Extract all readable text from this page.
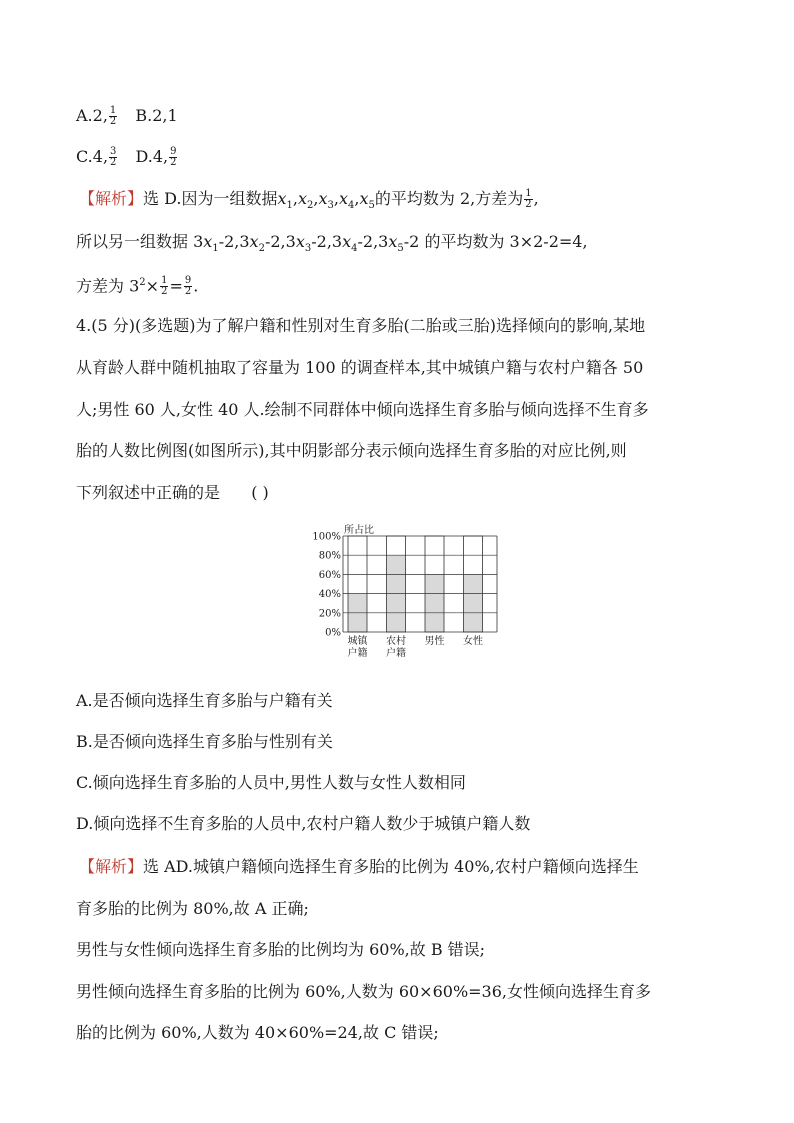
A.2, $\frac{1}{2} B.2,1$
C.4, $\frac{3}{2} D.4$, $\frac{9}{2}$
【解析】选 D.因为一组数据$x_1,x_2,x_3,x_4,x_5$的平均数为 2,方差为 $\frac{1}{2}$ ,
所以另一组数据 $3x_1-2,3x_2-2,3x_3-2,3x_4-2,3x_5-2$ 的平均数为 3×2-2=4,
方差为 $3^2\times \frac{1}{2} = \frac{9}{2}$ .
4.(5 分)(多选题)为了解户籍和性别对生育多胎(二胎或三胎)选择倾向的影响,某地
从育龄人群中随机抽取了容量为 100 的调查样本,其中城镇户籍与农村户籍各 50
人;男性 60 人,女性 40 人.绘制不同群体中倾向选择生育多胎与倾向选择不生育多
胎的人数比例图(如图所示),其中阴影部分表示倾向选择生育多胎的对应比例,则
下列叙述中正确的是 ( )
所占比
0%
20%
40%
60%
80%
100%
城镇
户籍
农村
户籍
男性 女性
A.是否倾向选择生育多胎与户籍有关
B.是否倾向选择生育多胎与性别有关
C.倾向选择生育多胎的人员中,男性人数与女性人数相同
D.倾向选择不生育多胎的人员中,农村户籍人数少于城镇户籍人数
【解析】选 AD.城镇户籍倾向选择生育多胎的比例为 40%,农村户籍倾向选择生
育多胎的比例为 80%,故 A 正确;
男性与女性倾向选择生育多胎的比例均为 60%,故 B 错误;
男性倾向选择生育多胎的比例为 60%,人数为 60×60%=36,女性倾向选择生育多
胎的比例为 60%,人数为 40×60%=24,故 C 错误;
